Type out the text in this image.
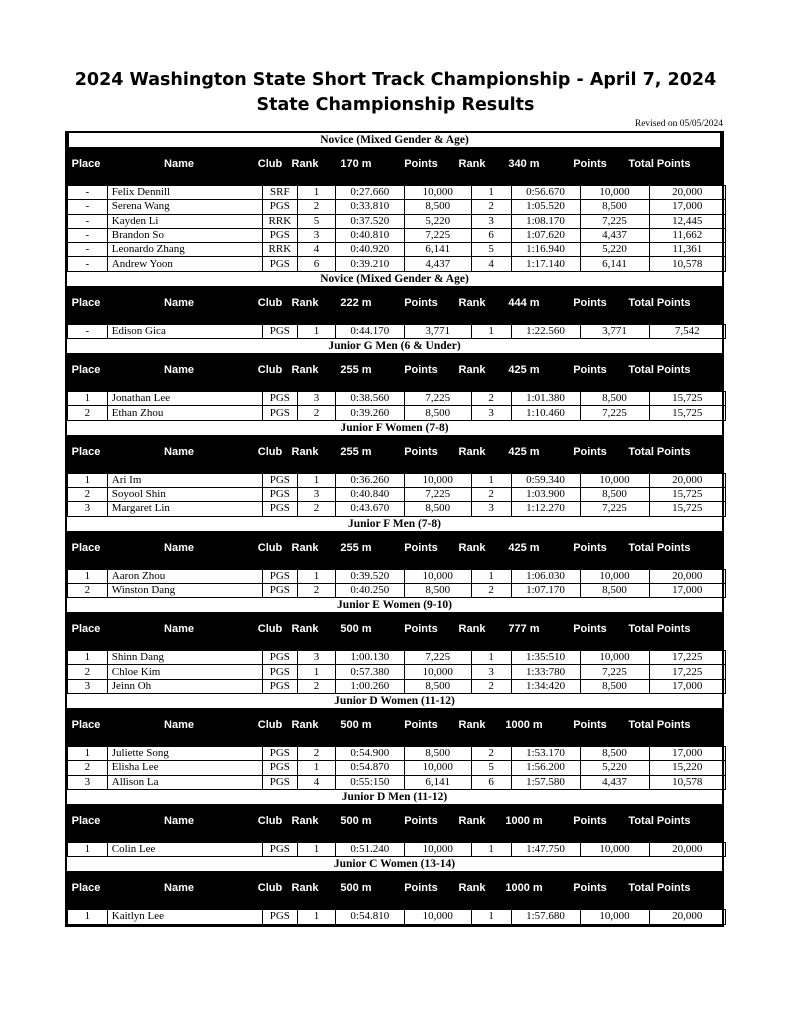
2024 Washington State Short Track Championship - April 7, 2024
State Championship Results
Revised on 05/05/2024
Novice (Mixed Gender & Age)
Place	Name	Club Rank	170 m	Points	Rank	340 m	Points	Total Points
-	Felix Dennill	SRF	1	0:27.660	10,000	1	0:56.670	10,000	20,000
-	Serena Wang	PGS	2	0:33.810	8,500	2	1:05.520	8,500	17,000
-	Kayden Li	RRK	5	0:37.520	5,220	3	1:08.170	7,225	12,445
-	Brandon So	PGS	3	0:40.810	7,225	6	1:07.620	4,437	11,662
-	Leonardo Zhang	RRK	4	0:40.920	6,141	5	1:16.940	5,220	11,361
-	Andrew Yoon	PGS	6	0:39.210	4,437	4	1:17.140	6,141	10,578
Novice (Mixed Gender & Age)
Place	Name	Club Rank	222 m	Points	Rank	444 m	Points	Total Points
-	Edison Gica	PGS	1	0:44.170	3,771	1	1:22.560	3,771	7,542
Junior G Men (6 & Under)
Place	Name	Club Rank	255 m	Points	Rank	425 m	Points	Total Points
1	Jonathan Lee	PGS	3	0:38.560	7,225	2	1:01.380	8,500	15,725
2	Ethan Zhou	PGS	2	0:39.260	8,500	3	1:10.460	7,225	15,725
Junior F Women (7-8)
Place	Name	Club Rank	255 m	Points	Rank	425 m	Points	Total Points
1	Ari Im	PGS	1	0:36.260	10,000	1	0:59.340	10,000	20,000
2	Soyool Shin	PGS	3	0:40.840	7,225	2	1:03.900	8,500	15,725
3	Margaret Lin	PGS	2	0:43.670	8,500	3	1:12.270	7,225	15,725
Junior F Men (7-8)
Place	Name	Club Rank	255 m	Points	Rank	425 m	Points	Total Points
1	Aaron Zhou	PGS	1	0:39.520	10,000	1	1:06.030	10,000	20,000
2	Winston Dang	PGS	2	0:40.250	8,500	2	1:07.170	8,500	17,000
Junior E Women (9-10)
Place	Name	Club Rank	500 m	Points	Rank	777 m	Points	Total Points
1	Shinn Dang	PGS	3	1:00.130	7,225	1	1:35:510	10,000	17,225
2	Chloe Kim	PGS	1	0:57.380	10,000	3	1:33:780	7,225	17,225
3	Jeinn Oh	PGS	2	1:00.260	8,500	2	1:34:420	8,500	17,000
Junior D Women (11-12)
Place	Name	Club Rank	500 m	Points	Rank	1000 m	Points	Total Points
1	Juliette Song	PGS	2	0:54.900	8,500	2	1:53.170	8,500	17,000
2	Elisha Lee	PGS	1	0:54.870	10,000	5	1:56.200	5,220	15,220
3	Allison La	PGS	4	0:55:150	6,141	6	1:57.580	4,437	10,578
Junior D Men (11-12)
Place	Name	Club Rank	500 m	Points	Rank	1000 m	Points	Total Points
1	Colin Lee	PGS	1	0:51.240	10,000	1	1:47.750	10,000	20,000
Junior C Women (13-14)
Place	Name	Club Rank	500 m	Points	Rank	1000 m	Points	Total Points
1	Kaitlyn Lee	PGS	1	0:54.810	10,000	1	1:57.680	10,000	20,000
